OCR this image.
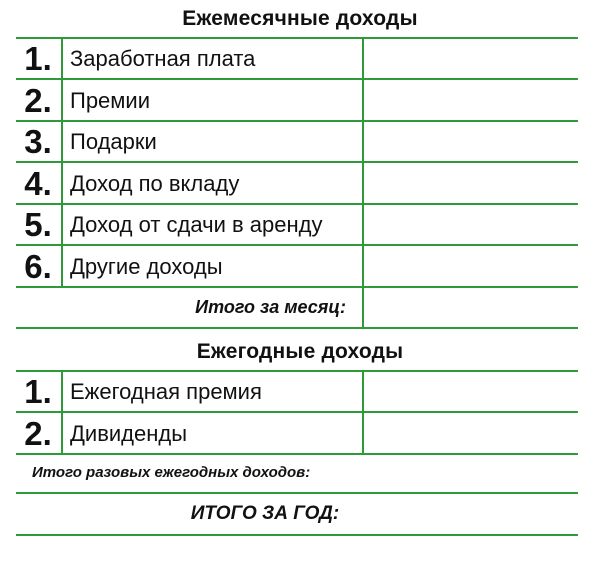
Ежемесячные доходы
1. Заработная плата
2. Премии
3. Подарки
4. Доход по вкладу
5. Доход от сдачи в аренду
6. Другие доходы
Итого за месяц:
Ежегодные доходы
1. Ежегодная премия
2. Дивиденды
Итого разовых ежегодных доходов:
ИТОГО ЗА ГОД:
